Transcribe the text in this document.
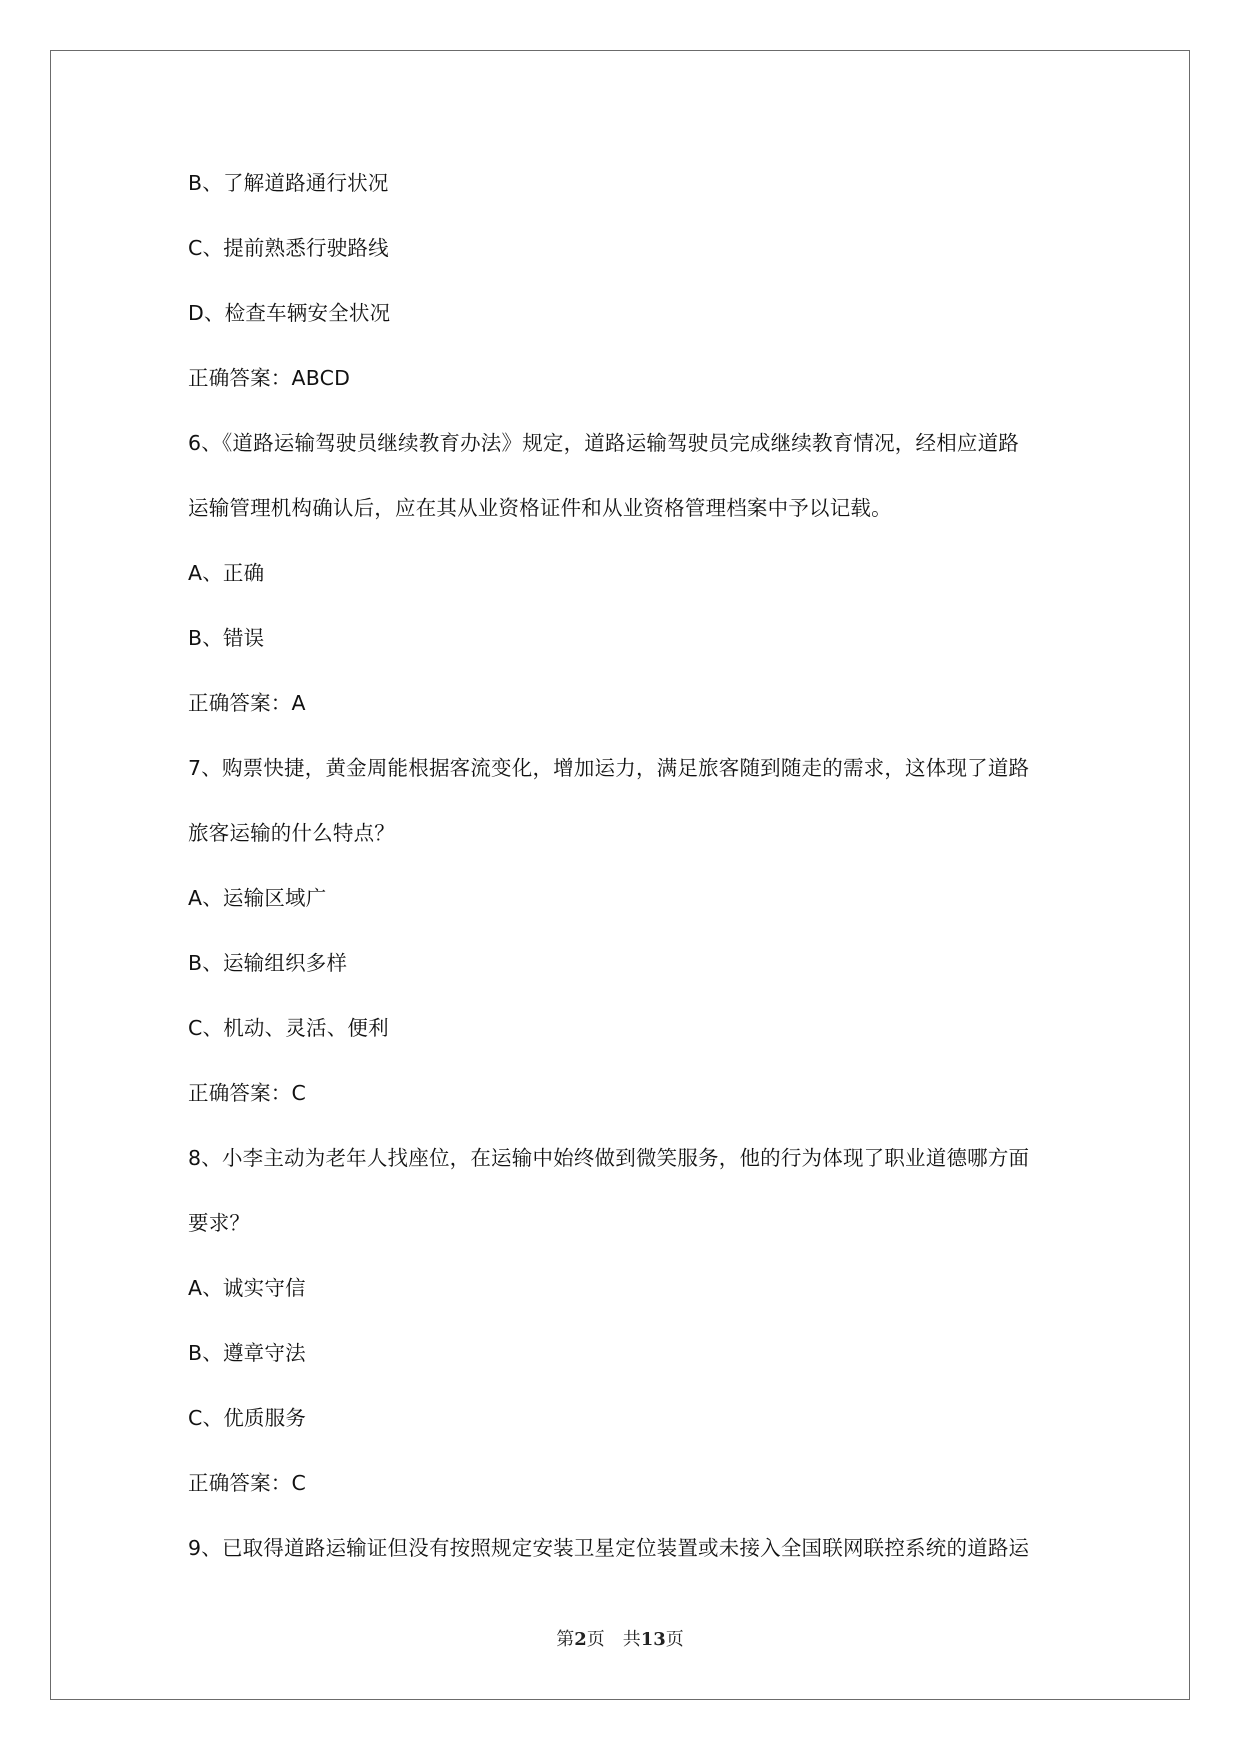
B、了解道路通行状况
C、提前熟悉行驶路线
D、检查车辆安全状况
正确答案：ABCD
6、《道路运输驾驶员继续教育办法》规定，道路运输驾驶员完成继续教育情况，经相应道路
运输管理机构确认后，应在其从业资格证件和从业资格管理档案中予以记载。
A、正确
B、错误
正确答案：A
7、购票快捷，黄金周能根据客流变化，增加运力，满足旅客随到随走的需求，这体现了道路
旅客运输的什么特点？
A、运输区域广
B、运输组织多样
C、机动、灵活、便利
正确答案：C
8、小李主动为老年人找座位，在运输中始终做到微笑服务，他的行为体现了职业道德哪方面
要求？
A、诚实守信
B、遵章守法
C、优质服务
正确答案：C
9、已取得道路运输证但没有按照规定安装卫星定位装置或未接入全国联网联控系统的道路运
第2页 共13页
